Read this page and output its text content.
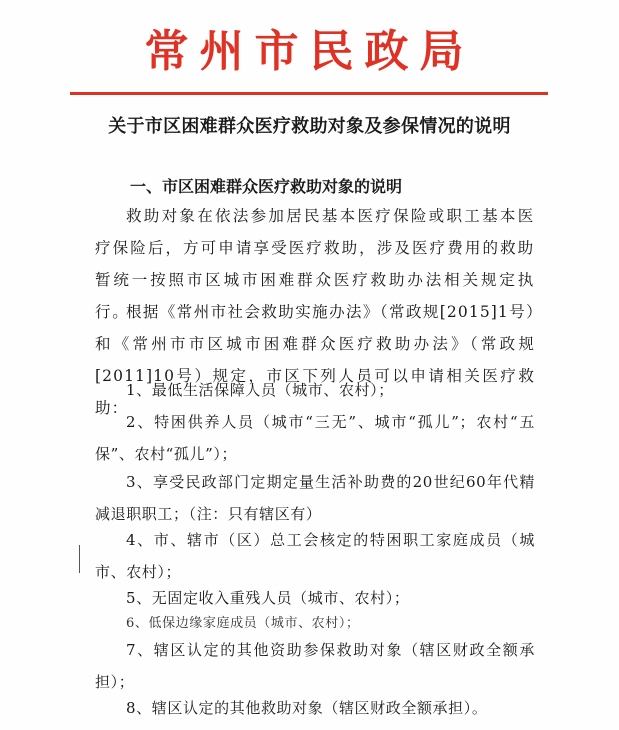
常州市民政局
关于市区困难群众医疗救助对象及参保情况的说明
一、市区困难群众医疗救助对象的说明
救助对象在依法参加居民基本医疗保险或职工基本医疗保险后，方可申请享受医疗救助，涉及医疗费用的救助暂统一按照市区城市困难群众医疗救助办法相关规定执行。
根据《常州市社会救助实施办法》（常政规[2015]1号）和《常州市市区城市困难群众医疗救助办法》（常政规[2011]10号）规定，市区下列人员可以申请相关医疗救助：
1、最低生活保障人员（城市、农村）；
2、特困供养人员（城市“三无”、城市“孤儿”；农村“五保”、农村“孤儿”）；
3、享受民政部门定期定量生活补助费的20世纪60年代精减退职职工；（注：只有辖区有）
4、市、辖市（区）总工会核定的特困职工家庭成员（城市、农村）；
5、无固定收入重残人员（城市、农村）；
6、低保边缘家庭成员（城市、农村）；
7、辖区认定的其他资助参保救助对象（辖区财政全额承担）；
8、辖区认定的其他救助对象（辖区财政全额承担）。
